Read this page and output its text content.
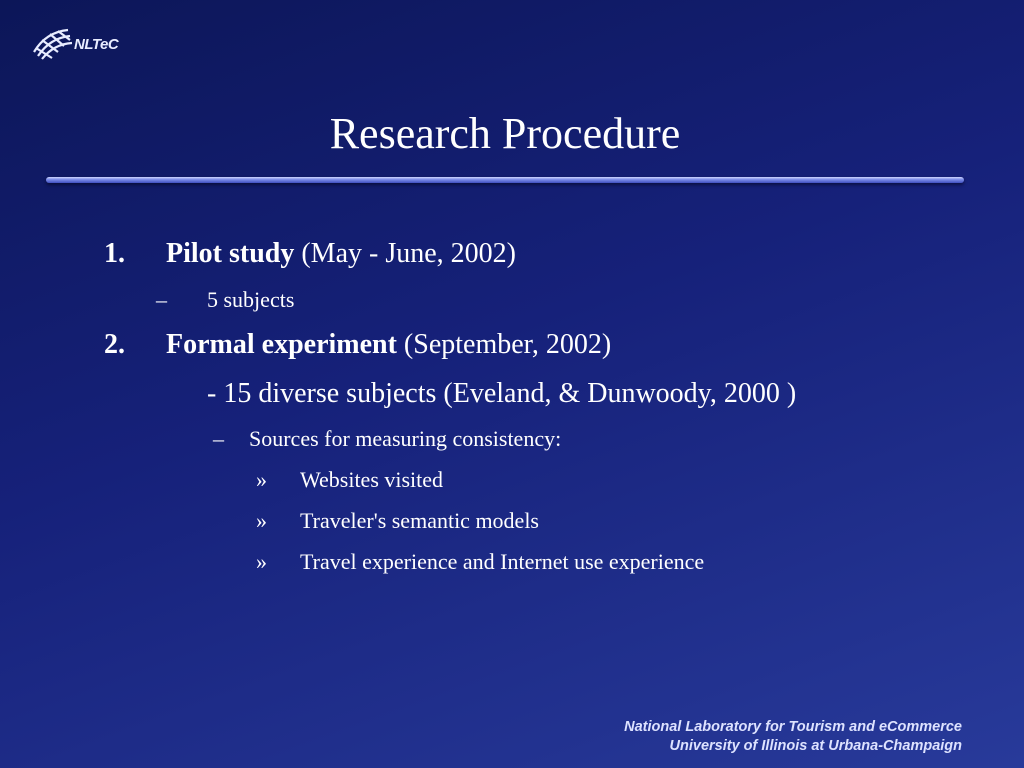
NLTeC
Research Procedure
1. Pilot study (May - June, 2002)
– 5 subjects
2. Formal experiment (September, 2002)
- 15 diverse subjects (Eveland, & Dunwoody, 2000 )
– Sources for measuring consistency:
» Websites visited
» Traveler's semantic models
» Travel experience and Internet use experience
National Laboratory for Tourism and eCommerce
University of Illinois at Urbana-Champaign
